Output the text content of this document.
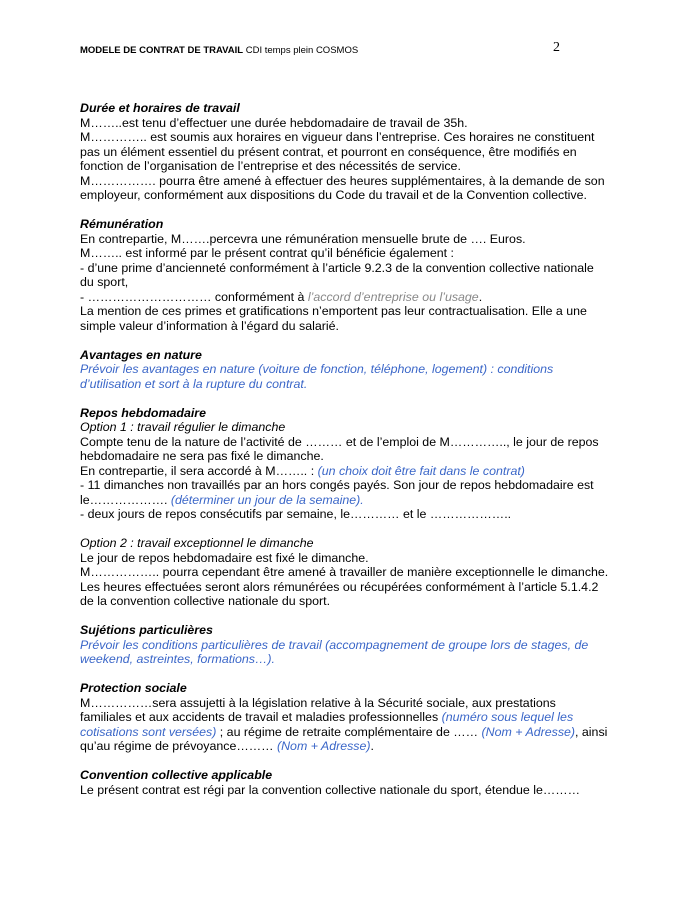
MODELE DE CONTRAT DE TRAVAIL CDI temps plein COSMOS	2

Durée et horaires de travail

M……..est tenu d’effectuer une durée hebdomadaire de travail de 35h.

M………….. est soumis aux horaires en vigueur dans l’entreprise. Ces horaires ne constituent pas un élément essentiel du présent contrat, et pourront en conséquence, être modifiés en fonction de l’organisation de l’entreprise et des nécessités de service.

M……………. pourra être amené à effectuer des heures supplémentaires, à la demande de son employeur, conformément aux dispositions du Code du travail et de la Convention collective.

Rémunération

En contrepartie, M…….percevra une rémunération mensuelle brute de …. Euros.

M…….. est informé par le présent contrat qu’il bénéficie également :

- d’une prime d’ancienneté conformément à l’article 9.2.3 de la convention collective nationale du sport,

- ………………………… conformément à l’accord d’entreprise ou l’usage.

La mention de ces primes et gratifications n’emportent pas leur contractualisation. Elle a une simple valeur d’information à l’égard du salarié.

Avantages en nature

Prévoir les avantages en nature (voiture de fonction, téléphone, logement) : conditions d’utilisation et sort à la rupture du contrat.

Repos hebdomadaire

Option 1 : travail régulier le dimanche

Compte tenu de la nature de l’activité de ……… et de l’emploi de M………….., le jour de repos hebdomadaire ne sera pas fixé le dimanche.

En contrepartie, il sera accordé à M…….. : (un choix doit être fait dans le contrat)

- 11 dimanches non travaillés par an hors congés payés. Son jour de repos hebdomadaire est le………………. (déterminer un jour de la semaine).

- deux jours de repos consécutifs par semaine, le………… et le ………………..

Option 2 : travail exceptionnel le dimanche

Le jour de repos hebdomadaire est fixé le dimanche.

M…………….. pourra cependant être amené à travailler de manière exceptionnelle le dimanche. Les heures effectuées seront alors rémunérées ou récupérées conformément à l’article 5.1.4.2 de la convention collective nationale du sport.

Sujétions particulières

Prévoir les conditions particulières de travail (accompagnement de groupe lors de stages, de weekend, astreintes, formations…).

Protection sociale

M……………sera assujetti à la législation relative à la Sécurité sociale, aux prestations familiales et aux accidents de travail et maladies professionnelles (numéro sous lequel les cotisations sont versées) ; au régime de retraite complémentaire de …… (Nom + Adresse), ainsi qu’au régime de prévoyance……… (Nom + Adresse).

Convention collective applicable

Le présent contrat est régi par la convention collective nationale du sport, étendue le………
